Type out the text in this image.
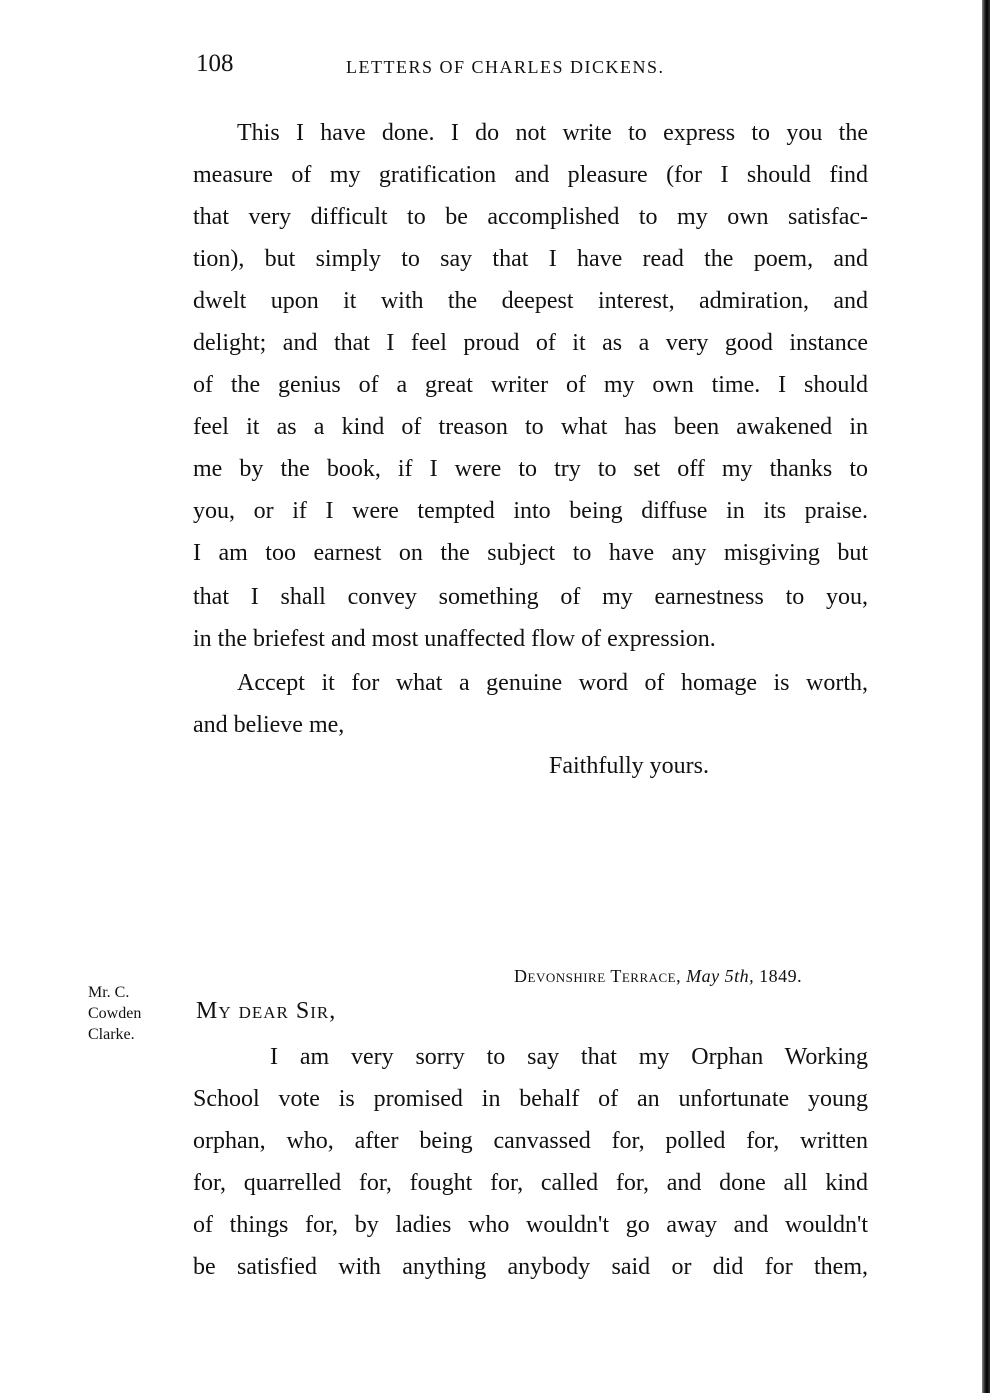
108	LETTERS OF CHARLES DICKENS.
This I have done. I do not write to express to you the
measure of my gratification and pleasure (for I should find
that very difficult to be accomplished to my own satisfac-
tion), but simply to say that I have read the poem, and
dwelt upon it with the deepest interest, admiration, and
delight; and that I feel proud of it as a very good instance
of the genius of a great writer of my own time. I should
feel it as a kind of treason to what has been awakened in
me by the book, if I were to try to set off my thanks to
you, or if I were tempted into being diffuse in its praise.
I am too earnest on the subject to have any misgiving but
that I shall convey something of my earnestness to you,
in the briefest and most unaffected flow of expression.
Accept it for what a genuine word of homage is worth,
and believe me,
Faithfully yours.
Mr. C.
Cowden
Clarke.
Devonshire Terrace, May 5th, 1849.
My dear Sir,
I am very sorry to say that my Orphan Working
School vote is promised in behalf of an unfortunate young
orphan, who, after being canvassed for, polled for, written
for, quarrelled for, fought for, called for, and done all kind
of things for, by ladies who wouldn't go away and wouldn't
be satisfied with anything anybody said or did for them,
